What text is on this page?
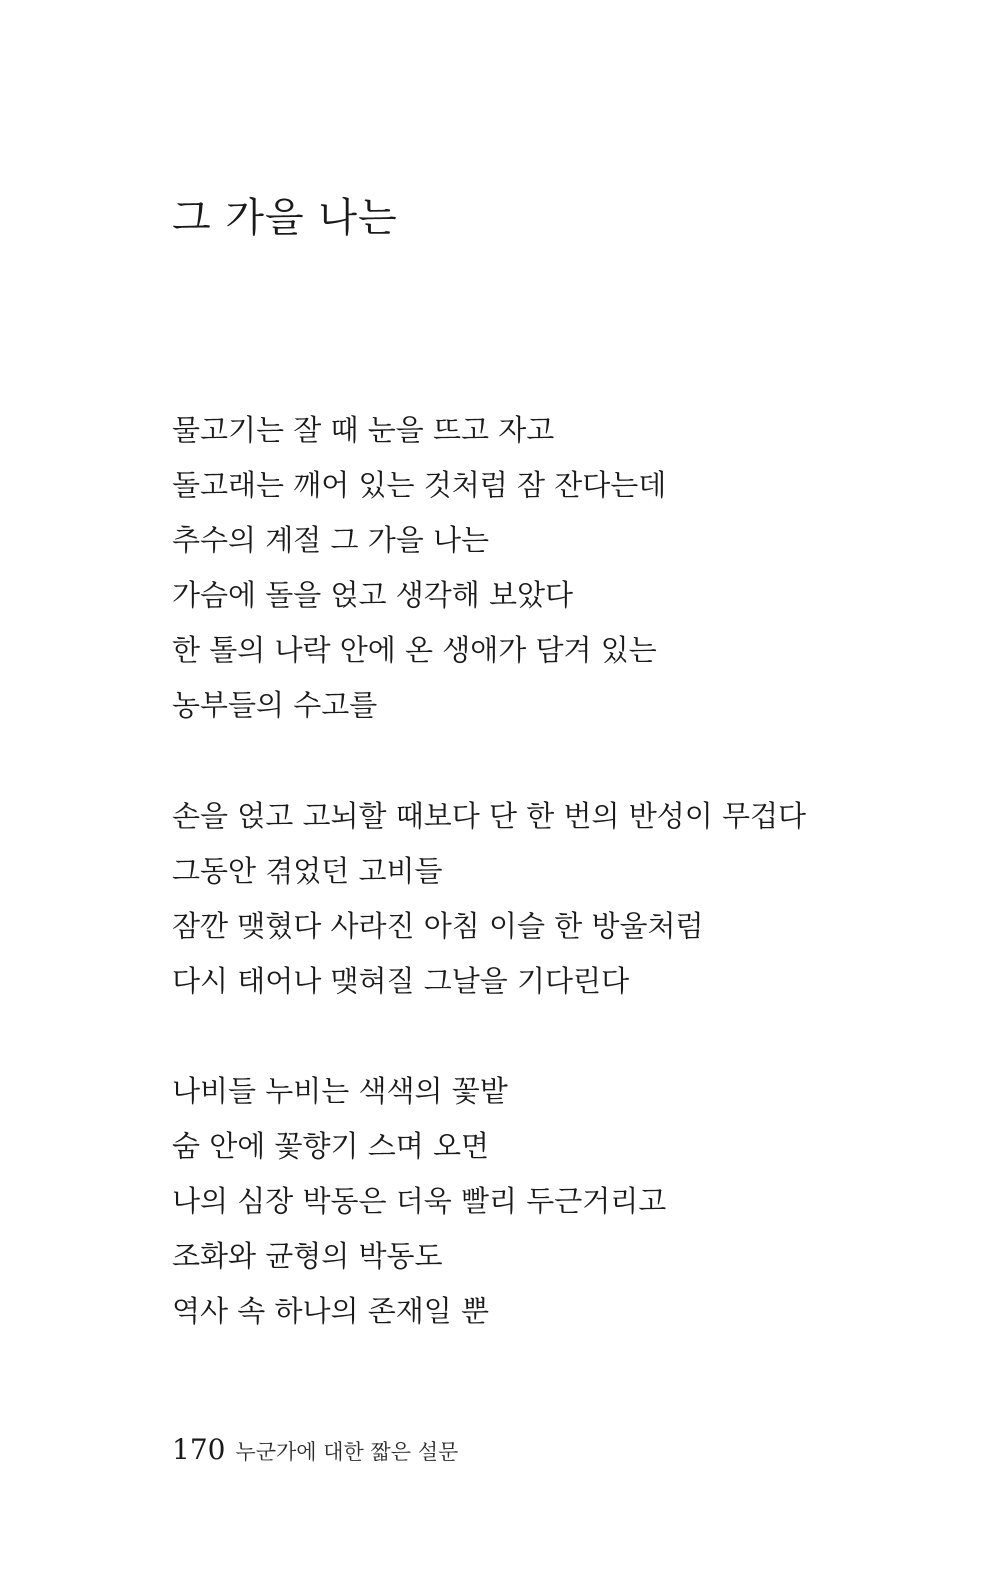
그 가을 나는
물고기는 잘 때 눈을 뜨고 자고
돌고래는 깨어 있는 것처럼 잠 잔다는데
추수의 계절 그 가을 나는
가슴에 돌을 얹고 생각해 보았다
한 톨의 나락 안에 온 생애가 담겨 있는
농부들의 수고를
손을 얹고 고뇌할 때보다 단 한 번의 반성이 무겁다
그동안 겪었던 고비들
잠깐 맺혔다 사라진 아침 이슬 한 방울처럼
다시 태어나 맺혀질 그날을 기다린다
나비들 누비는 색색의 꽃밭
숨 안에 꽃향기 스며 오면
나의 심장 박동은 더욱 빨리 두근거리고
조화와 균형의 박동도
역사 속 하나의 존재일 뿐
170 누군가에 대한 짧은 설문
